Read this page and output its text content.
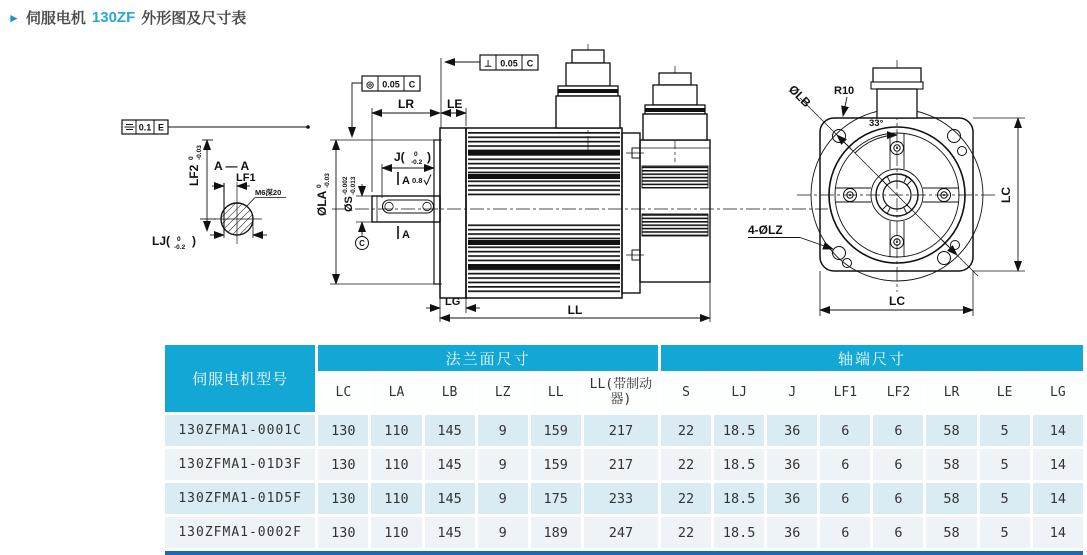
► 伺服电机 130ZF 外形图及尺寸表
0.1 E
LF2
0 -0.03
A — A
LF1
M6深20
LJ( 0
-0.2 )
◎ 0.05 C
⊥ 0.05 C
LR	LE
J( 0
-0.2 )
A 0.8
A
ØS
-0.002 -0.013
C
ØLA
0 -0.03
LG
LL
ØLB
33°
R10
4-ØLZ
LC
LC
伺服电机型号	法兰面尺寸						轴端尺寸							
	LC	LA	LB	LZ	LL	LL(带制动器)	S	LJ	J	LF1	LF2	LR	LE	LG
130ZFMA1-0001C	130	110	145	9	159	217	22	18.5	36	6	6	58	5	14
130ZFMA1-01D3F	130	110	145	9	159	217	22	18.5	36	6	6	58	5	14
130ZFMA1-01D5F	130	110	145	9	175	233	22	18.5	36	6	6	58	5	14
130ZFMA1-0002F	130	110	145	9	189	247	22	18.5	36	6	6	58	5	14
